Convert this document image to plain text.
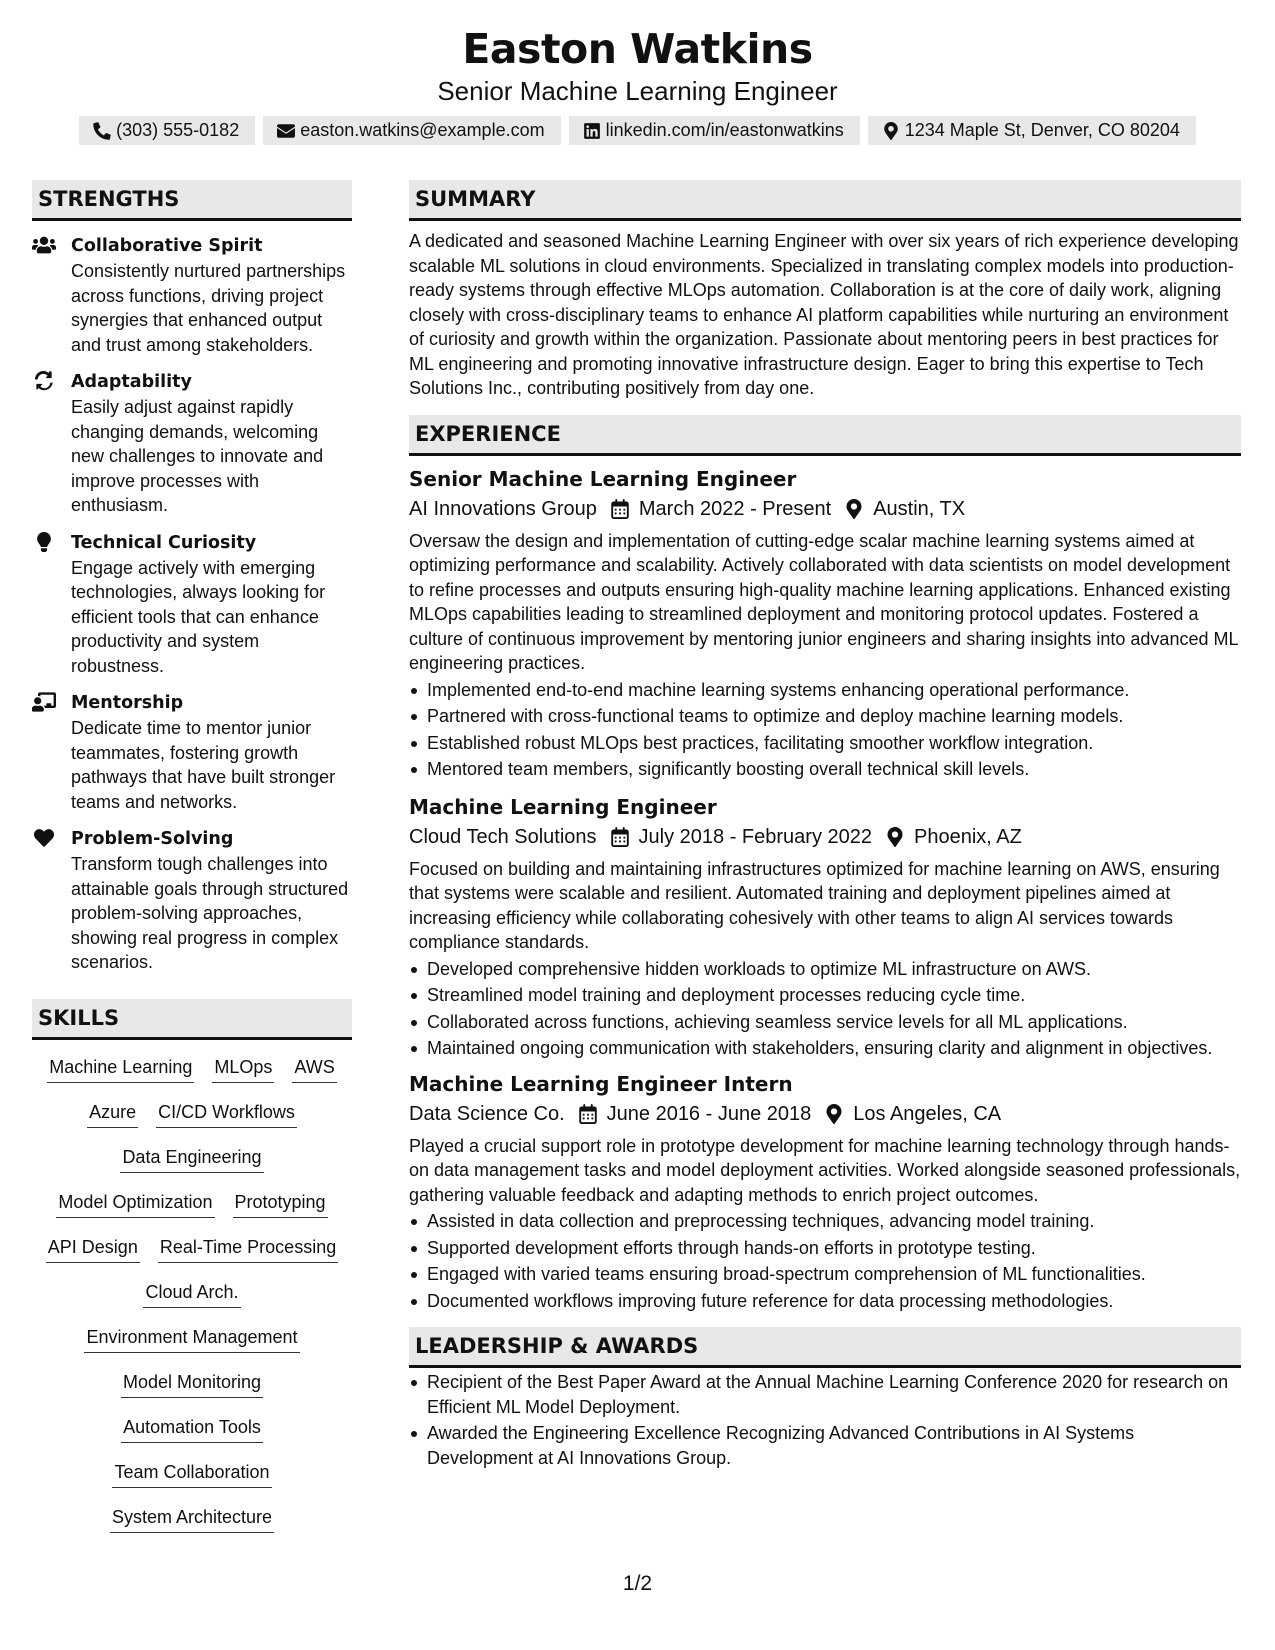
Easton Watkins
Senior Machine Learning Engineer
(303) 555-0182	easton.watkins@example.com	linkedin.com/in/eastonwatkins	1234 Maple St, Denver, CO 80204
STRENGTHS
Collaborative Spirit
Consistently nurtured partnerships across functions, driving project synergies that enhanced output and trust among stakeholders.
Adaptability
Easily adjust against rapidly changing demands, welcoming new challenges to innovate and improve processes with enthusiasm.
Technical Curiosity
Engage actively with emerging technologies, always looking for efficient tools that can enhance productivity and system robustness.
Mentorship
Dedicate time to mentor junior teammates, fostering growth pathways that have built stronger teams and networks.
Problem-Solving
Transform tough challenges into attainable goals through structured problem-solving approaches, showing real progress in complex scenarios.
SKILLS
Machine Learning MLOps AWS
Azure CI/CD Workflows
Data Engineering
Model Optimization Prototyping
API Design Real-Time Processing
Cloud Arch.
Environment Management
Model Monitoring
Automation Tools
Team Collaboration
System Architecture
SUMMARY
A dedicated and seasoned Machine Learning Engineer with over six years of rich experience developing scalable ML solutions in cloud environments. Specialized in translating complex models into production-ready systems through effective MLOps automation. Collaboration is at the core of daily work, aligning closely with cross-disciplinary teams to enhance AI platform capabilities while nurturing an environment of curiosity and growth within the organization. Passionate about mentoring peers in best practices for ML engineering and promoting innovative infrastructure design. Eager to bring this expertise to Tech Solutions Inc., contributing positively from day one.
EXPERIENCE
Senior Machine Learning Engineer
AI Innovations Group March 2022 - Present Austin, TX
Oversaw the design and implementation of cutting-edge scalar machine learning systems aimed at optimizing performance and scalability. Actively collaborated with data scientists on model development to refine processes and outputs ensuring high-quality machine learning applications. Enhanced existing MLOps capabilities leading to streamlined deployment and monitoring protocol updates. Fostered a culture of continuous improvement by mentoring junior engineers and sharing insights into advanced ML engineering practices.
Implemented end-to-end machine learning systems enhancing operational performance.
Partnered with cross-functional teams to optimize and deploy machine learning models.
Established robust MLOps best practices, facilitating smoother workflow integration.
Mentored team members, significantly boosting overall technical skill levels.
Machine Learning Engineer
Cloud Tech Solutions July 2018 - February 2022 Phoenix, AZ
Focused on building and maintaining infrastructures optimized for machine learning on AWS, ensuring that systems were scalable and resilient. Automated training and deployment pipelines aimed at increasing efficiency while collaborating cohesively with other teams to align AI services towards compliance standards.
Developed comprehensive hidden workloads to optimize ML infrastructure on AWS.
Streamlined model training and deployment processes reducing cycle time.
Collaborated across functions, achieving seamless service levels for all ML applications.
Maintained ongoing communication with stakeholders, ensuring clarity and alignment in objectives.
Machine Learning Engineer Intern
Data Science Co. June 2016 - June 2018 Los Angeles, CA
Played a crucial support role in prototype development for machine learning technology through hands-on data management tasks and model deployment activities. Worked alongside seasoned professionals, gathering valuable feedback and adapting methods to enrich project outcomes.
Assisted in data collection and preprocessing techniques, advancing model training.
Supported development efforts through hands-on efforts in prototype testing.
Engaged with varied teams ensuring broad-spectrum comprehension of ML functionalities.
Documented workflows improving future reference for data processing methodologies.
LEADERSHIP & AWARDS
Recipient of the Best Paper Award at the Annual Machine Learning Conference 2020 for research on Efficient ML Model Deployment.
Awarded the Engineering Excellence Recognizing Advanced Contributions in AI Systems Development at AI Innovations Group.
1/2
